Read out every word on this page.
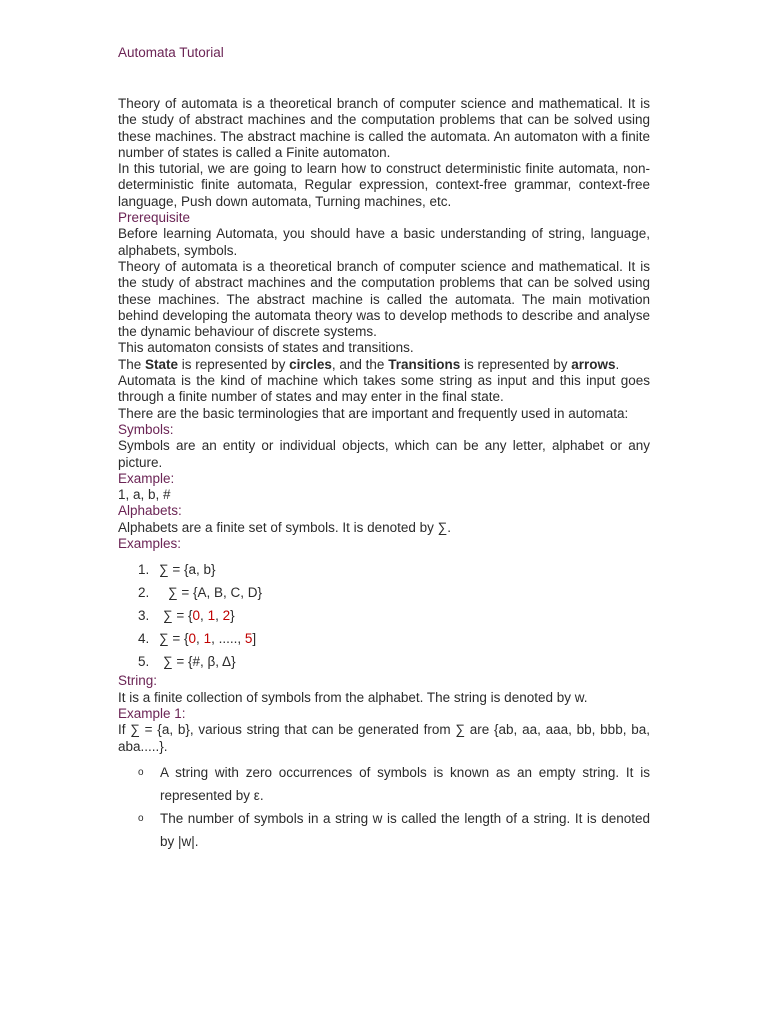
Automata Tutorial

Theory of automata is a theoretical branch of computer science and mathematical. It is the study of abstract machines and the computation problems that can be solved using these machines. The abstract machine is called the automata. An automaton with a finite number of states is called a Finite automaton.

In this tutorial, we are going to learn how to construct deterministic finite automata, non-deterministic finite automata, Regular expression, context-free grammar, context-free language, Push down automata, Turning machines, etc.

Prerequisite

Before learning Automata, you should have a basic understanding of string, language, alphabets, symbols.

Theory of automata is a theoretical branch of computer science and mathematical. It is the study of abstract machines and the computation problems that can be solved using these machines. The abstract machine is called the automata. The main motivation behind developing the automata theory was to develop methods to describe and analyse the dynamic behaviour of discrete systems.

This automaton consists of states and transitions.

The State is represented by circles, and the Transitions is represented by arrows.

Automata is the kind of machine which takes some string as input and this input goes through a finite number of states and may enter in the final state.

There are the basic terminologies that are important and frequently used in automata:

Symbols:

Symbols are an entity or individual objects, which can be any letter, alphabet or any picture.

Example:

1, a, b, #

Alphabets:

Alphabets are a finite set of symbols. It is denoted by ∑.

Examples:

1. ∑ = {a, b}
2.	∑ = {A, B, C, D}
3.	∑ = {0, 1, 2}
4. ∑ = {0, 1, ....., 5]
5.	∑ = {#, β, Δ}

String:

It is a finite collection of symbols from the alphabet. The string is denoted by w.

Example 1:

If ∑ = {a, b}, various string that can be generated from ∑ are {ab, aa, aaa, bb, bbb, ba, aba.....}.

o A string with zero occurrences of symbols is known as an empty string. It is represented by ε.
o The number of symbols in a string w is called the length of a string. It is denoted by |w|.
